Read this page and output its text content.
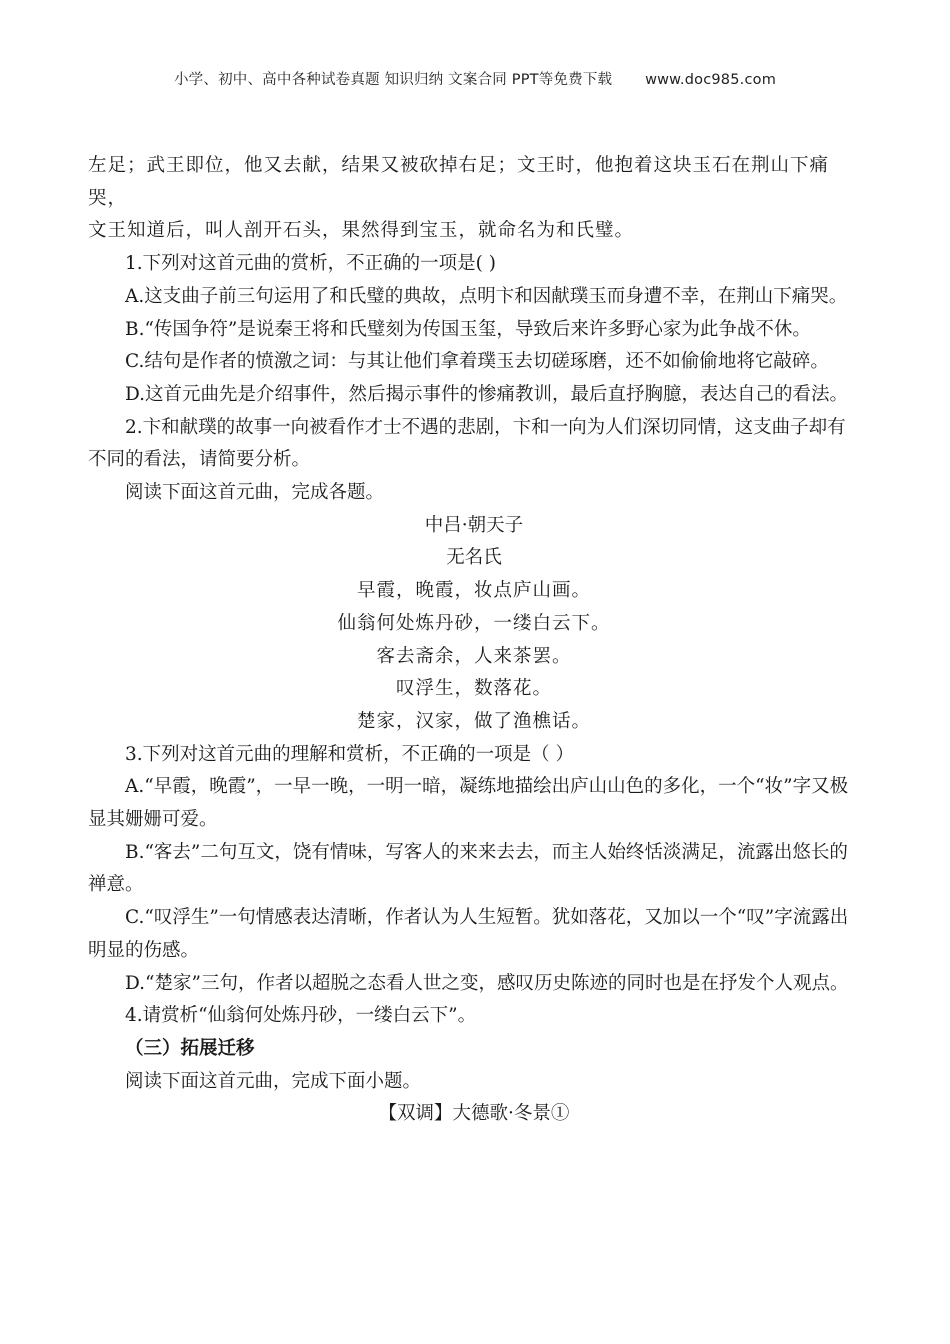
小学、初中、高中各种试卷真题 知识归纳 文案合同 PPT等免费下载 www.doc985.com

左足；武王即位，他又去献，结果又被砍掉右足；文王时，他抱着这块玉石在荆山下痛哭，

文王知道后，叫人剖开石头，果然得到宝玉，就命名为和氏璧。

1.下列对这首元曲的赏析，不正确的一项是( )

A.这支曲子前三句运用了和氏璧的典故，点明卞和因献璞玉而身遭不幸，在荆山下痛哭。

B.“传国争符”是说秦王将和氏璧刻为传国玉玺，导致后来许多野心家为此争战不休。

C.结句是作者的愤激之词：与其让他们拿着璞玉去切磋琢磨，还不如偷偷地将它敲碎。

D.这首元曲先是介绍事件，然后揭示事件的惨痛教训，最后直抒胸臆，表达自己的看法。

2.卞和献璞的故事一向被看作才士不遇的悲剧，卞和一向为人们深切同情，这支曲子却有不同的看法，请简要分析。

阅读下面这首元曲，完成各题。

中吕·朝天子

无名氏

早霞，晚霞，妆点庐山画。

仙翁何处炼丹砂，一缕白云下。

客去斋余，人来茶罢。

叹浮生，数落花。

楚家，汉家，做了渔樵话。

3.下列对这首元曲的理解和赏析，不正确的一项是（ ）

A.“早霞，晚霞”，一早一晚，一明一暗，凝练地描绘出庐山山色的多化，一个“妆”字又极显其姗姗可爱。

B.“客去”二句互文，饶有情味，写客人的来来去去，而主人始终恬淡满足，流露出悠长的禅意。

C.“叹浮生”一句情感表达清晰，作者认为人生短暂。犹如落花，又加以一个“叹”字流露出明显的伤感。

D.“楚家”三句，作者以超脱之态看人世之变，感叹历史陈迹的同时也是在抒发个人观点。

4.请赏析“仙翁何处炼丹砂，一缕白云下”。

（三）拓展迁移

阅读下面这首元曲，完成下面小题。

【双调】大德歌·冬景①
